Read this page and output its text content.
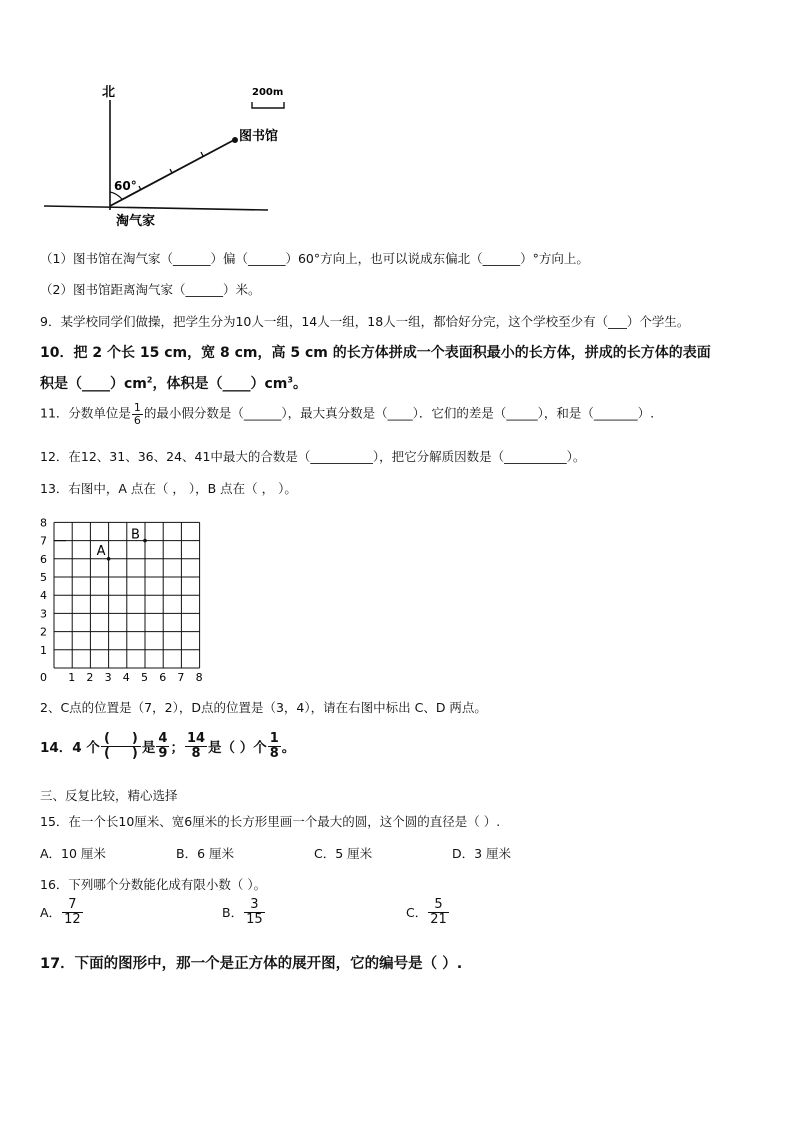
北	200m
图书馆
60°
淘气家
（1）图书馆在淘气家（______）偏（______）60°方向上，也可以说成东偏北（______）°方向上。
（2）图书馆距离淘气家（______）米。
9．某学校同学们做操，把学生分为10人一组，14人一组，18人一组，都恰好分完，这个学校至少有（___）个学生。
10．把 2 个长 15 cm，宽 8 cm，高 5 cm 的长方体拼成一个表面积最小的长方体，拼成的长方体的表面
积是$(\_\_\_\_)cm^2$，体积是$(\_\_\_\_)cm^3$。
11．分数单位是 $\frac{1}{6}$ 的最小假分数是（______），最大真分数是（____）．它们的差是（_____），和是（_______）.
12．在12、31、36、24、41中最大的合数是（__________），把它分解质因数是（__________）。
13．右图中，A 点在（ ， ），B 点在（ ， ）。
0 1 2 3 4 5 6 7 8
1
2
3
4
5
6
7
8
A
B
2、C点的位置是（7，2），D点的位置是（3，4），请在右图中标出 C、D 两点。
14．4 个 $\frac{( )}{( )}$ 是 $\frac{4}{9}$ ； $\frac{14}{8}$ 是（ ）个 $\frac{1}{8}$ 。
三、反复比较，精心选择
15．在一个长10厘米、宽6厘米的长方形里画一个最大的圆，这个圆的直径是（ ）.
A．10 厘米	B．6 厘米	C．5 厘米	D．3 厘米
16．下列哪个分数能化成有限小数（ ）。
A． $\frac{7}{12}$	B． $\frac{3}{15}$	C． $\frac{5}{21}$
17．下面的图形中，那一个是正方体的展开图，它的编号是（ ）.
